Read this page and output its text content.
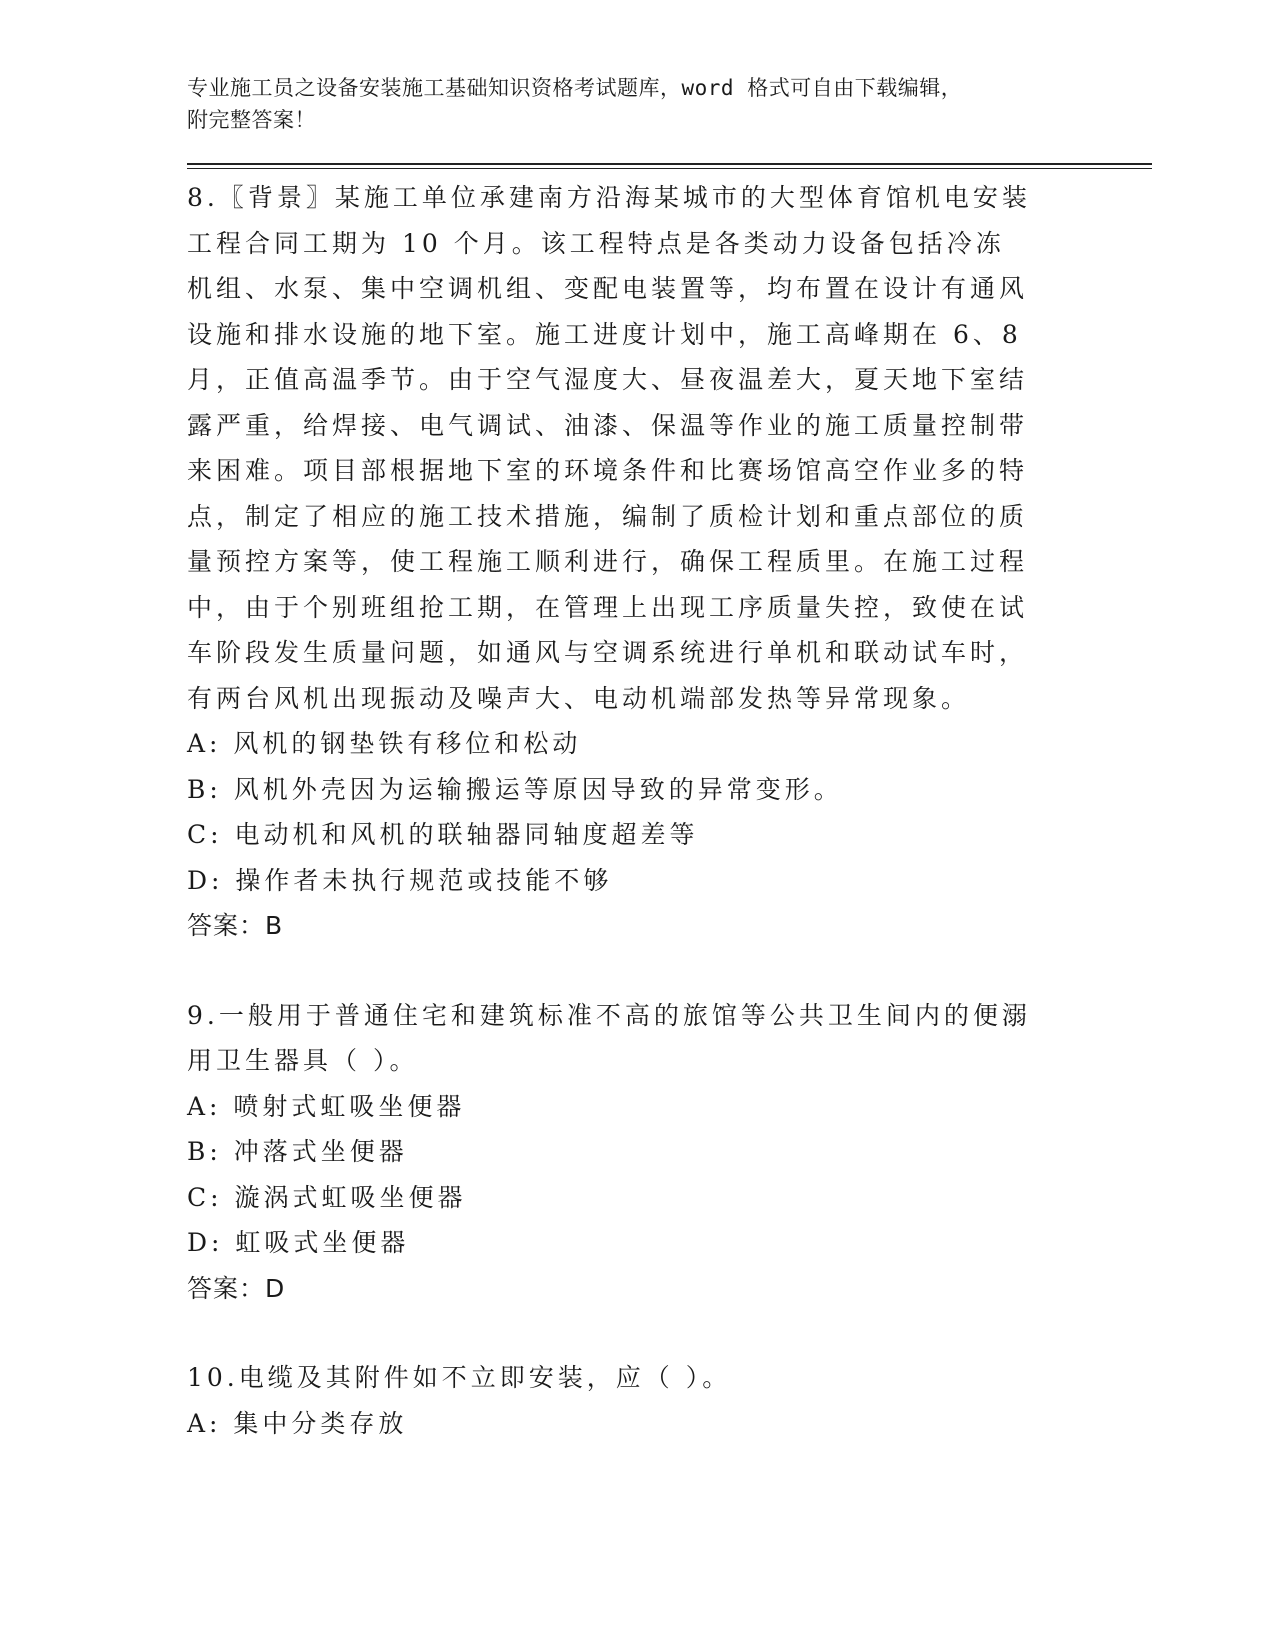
专业施工员之设备安装施工基础知识资格考试题库，word 格式可自由下载编辑，

附完整答案！

8.〖背景〗某施工单位承建南方沿海某城市的大型体育馆机电安装工程合同工期为 10 个月。该工程特点是各类动力设备包括冷冻机组、水泵、集中空调机组、变配电装置等，均布置在设计有通风设施和排水设施的地下室。施工进度计划中，施工高峰期在 6、8 月，正值高温季节。由于空气湿度大、昼夜温差大，夏天地下室结露严重，给焊接、电气调试、油漆、保温等作业的施工质量控制带来困难。项目部根据地下室的环境条件和比赛场馆高空作业多的特点，制定了相应的施工技术措施，编制了质检计划和重点部位的质量预控方案等，使工程施工顺利进行，确保工程质里。在施工过程中，由于个别班组抢工期，在管理上出现工序质量失控，致使在试车阶段发生质量问题，如通风与空调系统进行单机和联动试车时，有两台风机出现振动及噪声大、电动机端部发热等异常现象。

A: 风机的钢垫铁有移位和松动
B: 风机外壳因为运输搬运等原因导致的异常变形。
C: 电动机和风机的联轴器同轴度超差等
D: 操作者未执行规范或技能不够

答案：B

9.一般用于普通住宅和建筑标准不高的旅馆等公共卫生间内的便溺用卫生器具（ ）。

A: 喷射式虹吸坐便器
B: 冲落式坐便器
C: 漩涡式虹吸坐便器
D: 虹吸式坐便器

答案：D

10.电缆及其附件如不立即安装，应（ ）。

A: 集中分类存放
